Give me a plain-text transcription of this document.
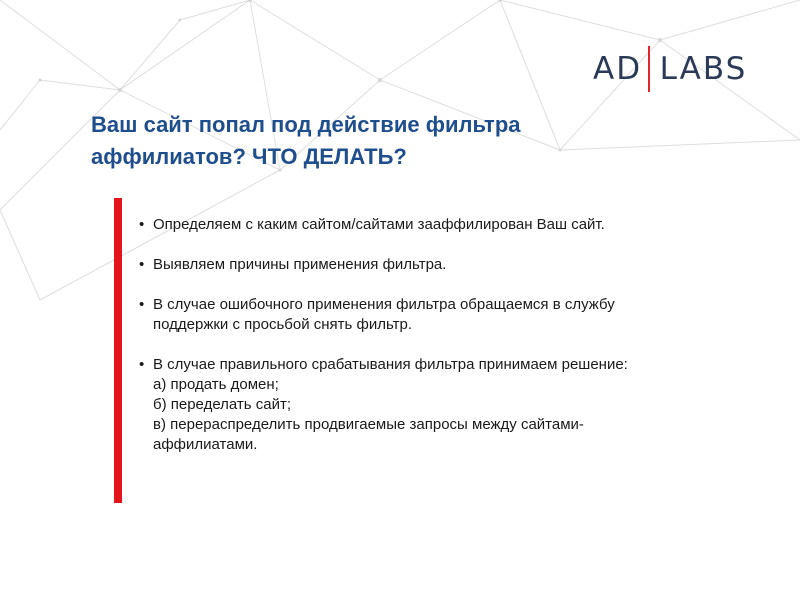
AD LABS
Ваш сайт попал под действие фильтра
аффилиатов? ЧТО ДЕЛАТЬ?
• Определяем с каким сайтом/сайтами зааффилирован Ваш сайт.
• Выявляем причины применения фильтра.
• В случае ошибочного применения фильтра обращаемся в службу
поддержки с просьбой снять фильтр.
• В случае правильного срабатывания фильтра принимаем решение:
а) продать домен;
б) переделать сайт;
в) перераспределить продвигаемые запросы между сайтами-
аффилиатами.
